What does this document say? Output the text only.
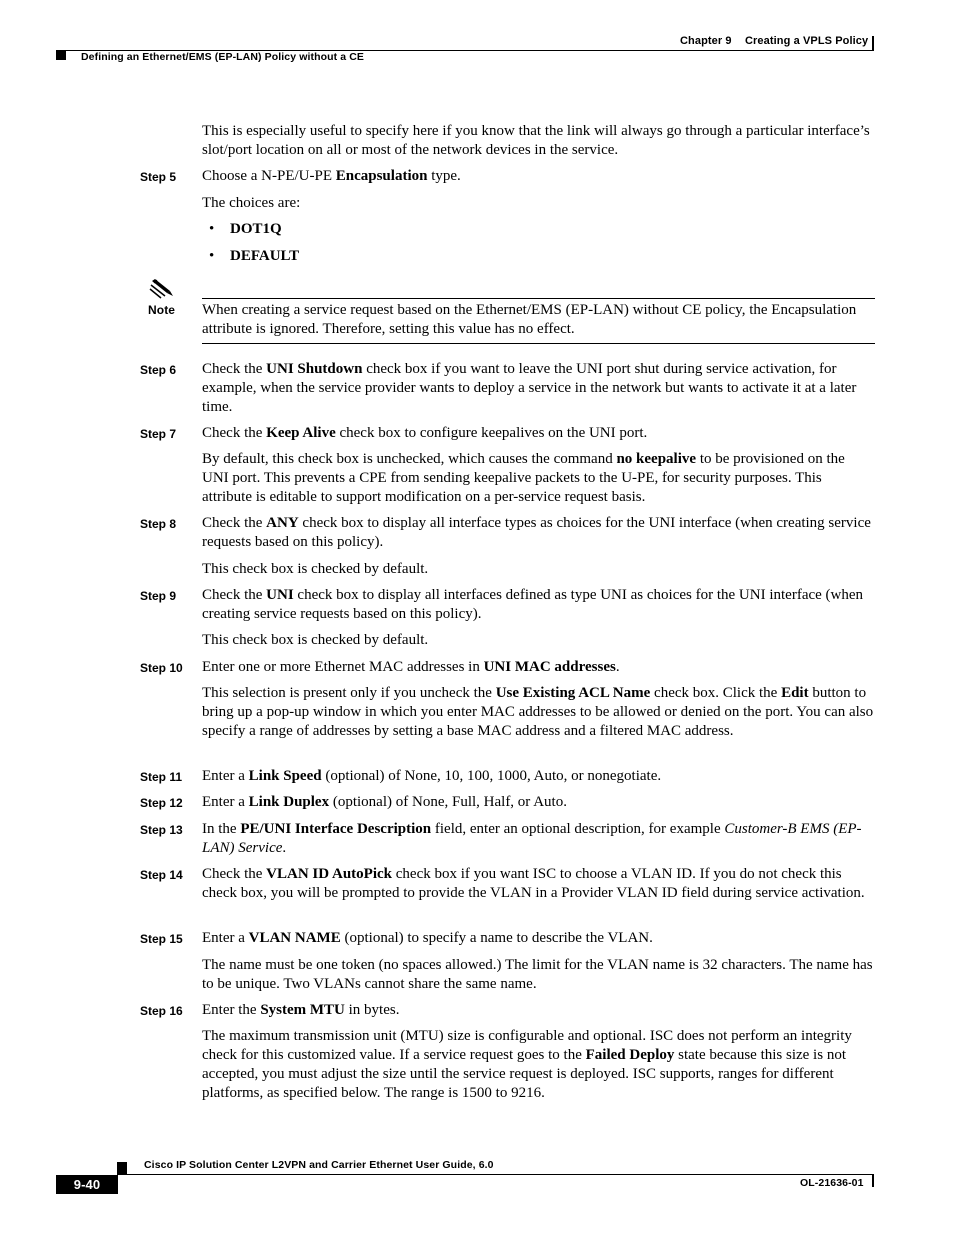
Chapter 9 Creating a VPLS Policy
Defining an Ethernet/EMS (EP-LAN) Policy without a CE
This is especially useful to specify here if you know that the link will always go through a particular interface’s slot/port location on all or most of the network devices in the service.
Step 5 Choose a N-PE/U-PE Encapsulation type.
The choices are:
• DOT1Q
• DEFAULT
Note When creating a service request based on the Ethernet/EMS (EP-LAN) without CE policy, the Encapsulation attribute is ignored. Therefore, setting this value has no effect.
Step 6 Check the UNI Shutdown check box if you want to leave the UNI port shut during service activation, for example, when the service provider wants to deploy a service in the network but wants to activate it at a later time.
Step 7 Check the Keep Alive check box to configure keepalives on the UNI port.
By default, this check box is unchecked, which causes the command no keepalive to be provisioned on the UNI port. This prevents a CPE from sending keepalive packets to the U-PE, for security purposes. This attribute is editable to support modification on a per-service request basis.
Step 8 Check the ANY check box to display all interface types as choices for the UNI interface (when creating service requests based on this policy).
This check box is checked by default.
Step 9 Check the UNI check box to display all interfaces defined as type UNI as choices for the UNI interface (when creating service requests based on this policy).
This check box is checked by default.
Step 10 Enter one or more Ethernet MAC addresses in UNI MAC addresses.
This selection is present only if you uncheck the Use Existing ACL Name check box. Click the Edit button to bring up a pop-up window in which you enter MAC addresses to be allowed or denied on the port. You can also specify a range of addresses by setting a base MAC address and a filtered MAC address.
Step 11 Enter a Link Speed (optional) of None, 10, 100, 1000, Auto, or nonegotiate.
Step 12 Enter a Link Duplex (optional) of None, Full, Half, or Auto.
Step 13 In the PE/UNI Interface Description field, enter an optional description, for example Customer-B EMS (EP-LAN) Service.
Step 14 Check the VLAN ID AutoPick check box if you want ISC to choose a VLAN ID. If you do not check this check box, you will be prompted to provide the VLAN in a Provider VLAN ID field during service activation.
Step 15 Enter a VLAN NAME (optional) to specify a name to describe the VLAN.
The name must be one token (no spaces allowed.) The limit for the VLAN name is 32 characters. The name has to be unique. Two VLANs cannot share the same name.
Step 16 Enter the System MTU in bytes.
The maximum transmission unit (MTU) size is configurable and optional. ISC does not perform an integrity check for this customized value. If a service request goes to the Failed Deploy state because this size is not accepted, you must adjust the size until the service request is deployed. ISC supports, ranges for different platforms, as specified below. The range is 1500 to 9216.
Cisco IP Solution Center L2VPN and Carrier Ethernet User Guide, 6.0
9-40	OL-21636-01
